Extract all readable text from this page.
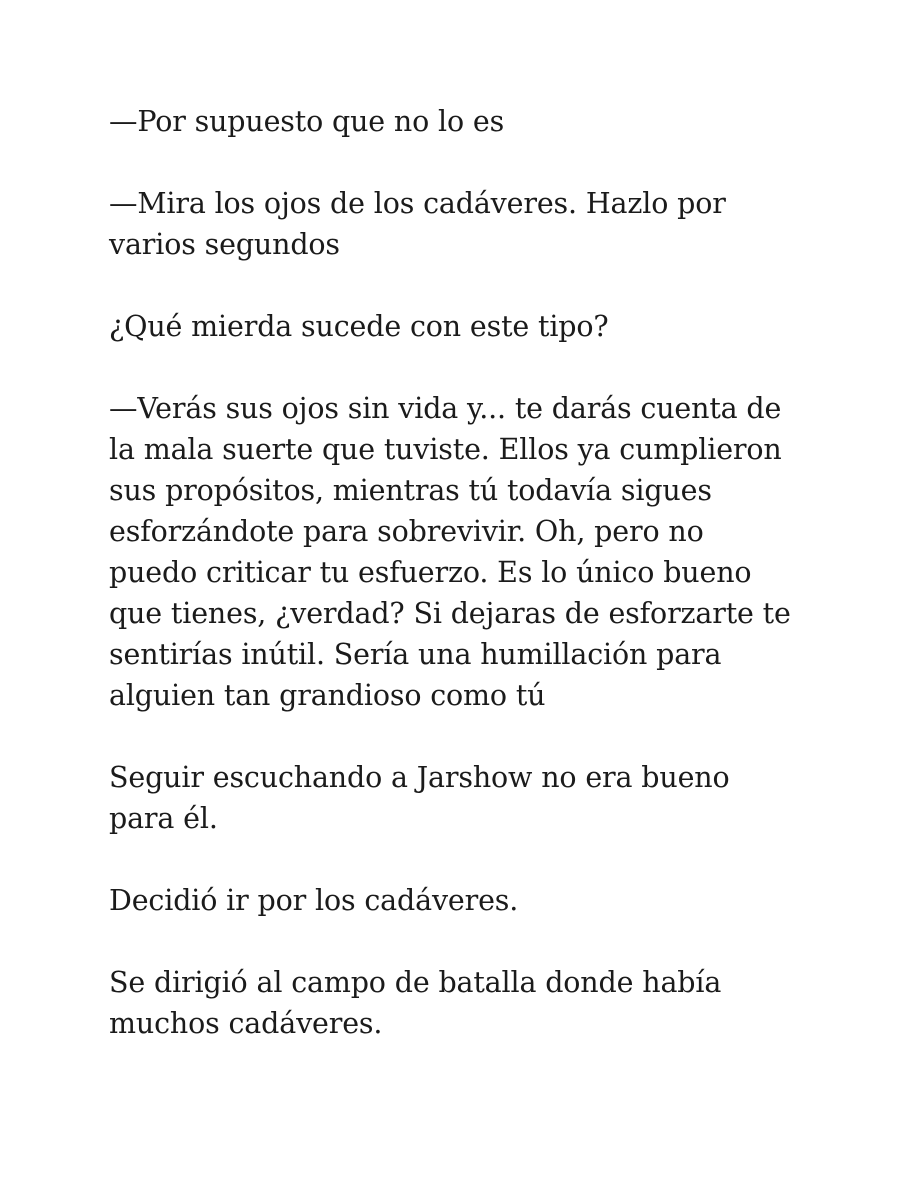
—Por supuesto que no lo es

—Mira los ojos de los cadáveres. Hazlo por varios segundos

¿Qué mierda sucede con este tipo?

—Verás sus ojos sin vida y... te darás cuenta de la mala suerte que tuviste. Ellos ya cumplieron sus propósitos, mientras tú todavía sigues esforzándote para sobrevivir. Oh, pero no puedo criticar tu esfuerzo. Es lo único bueno que tienes, ¿verdad? Si dejaras de esforzarte te sentirías inútil. Sería una humillación para alguien tan grandioso como tú

Seguir escuchando a Jarshow no era bueno para él.

Decidió ir por los cadáveres.

Se dirigió al campo de batalla donde había muchos cadáveres.
